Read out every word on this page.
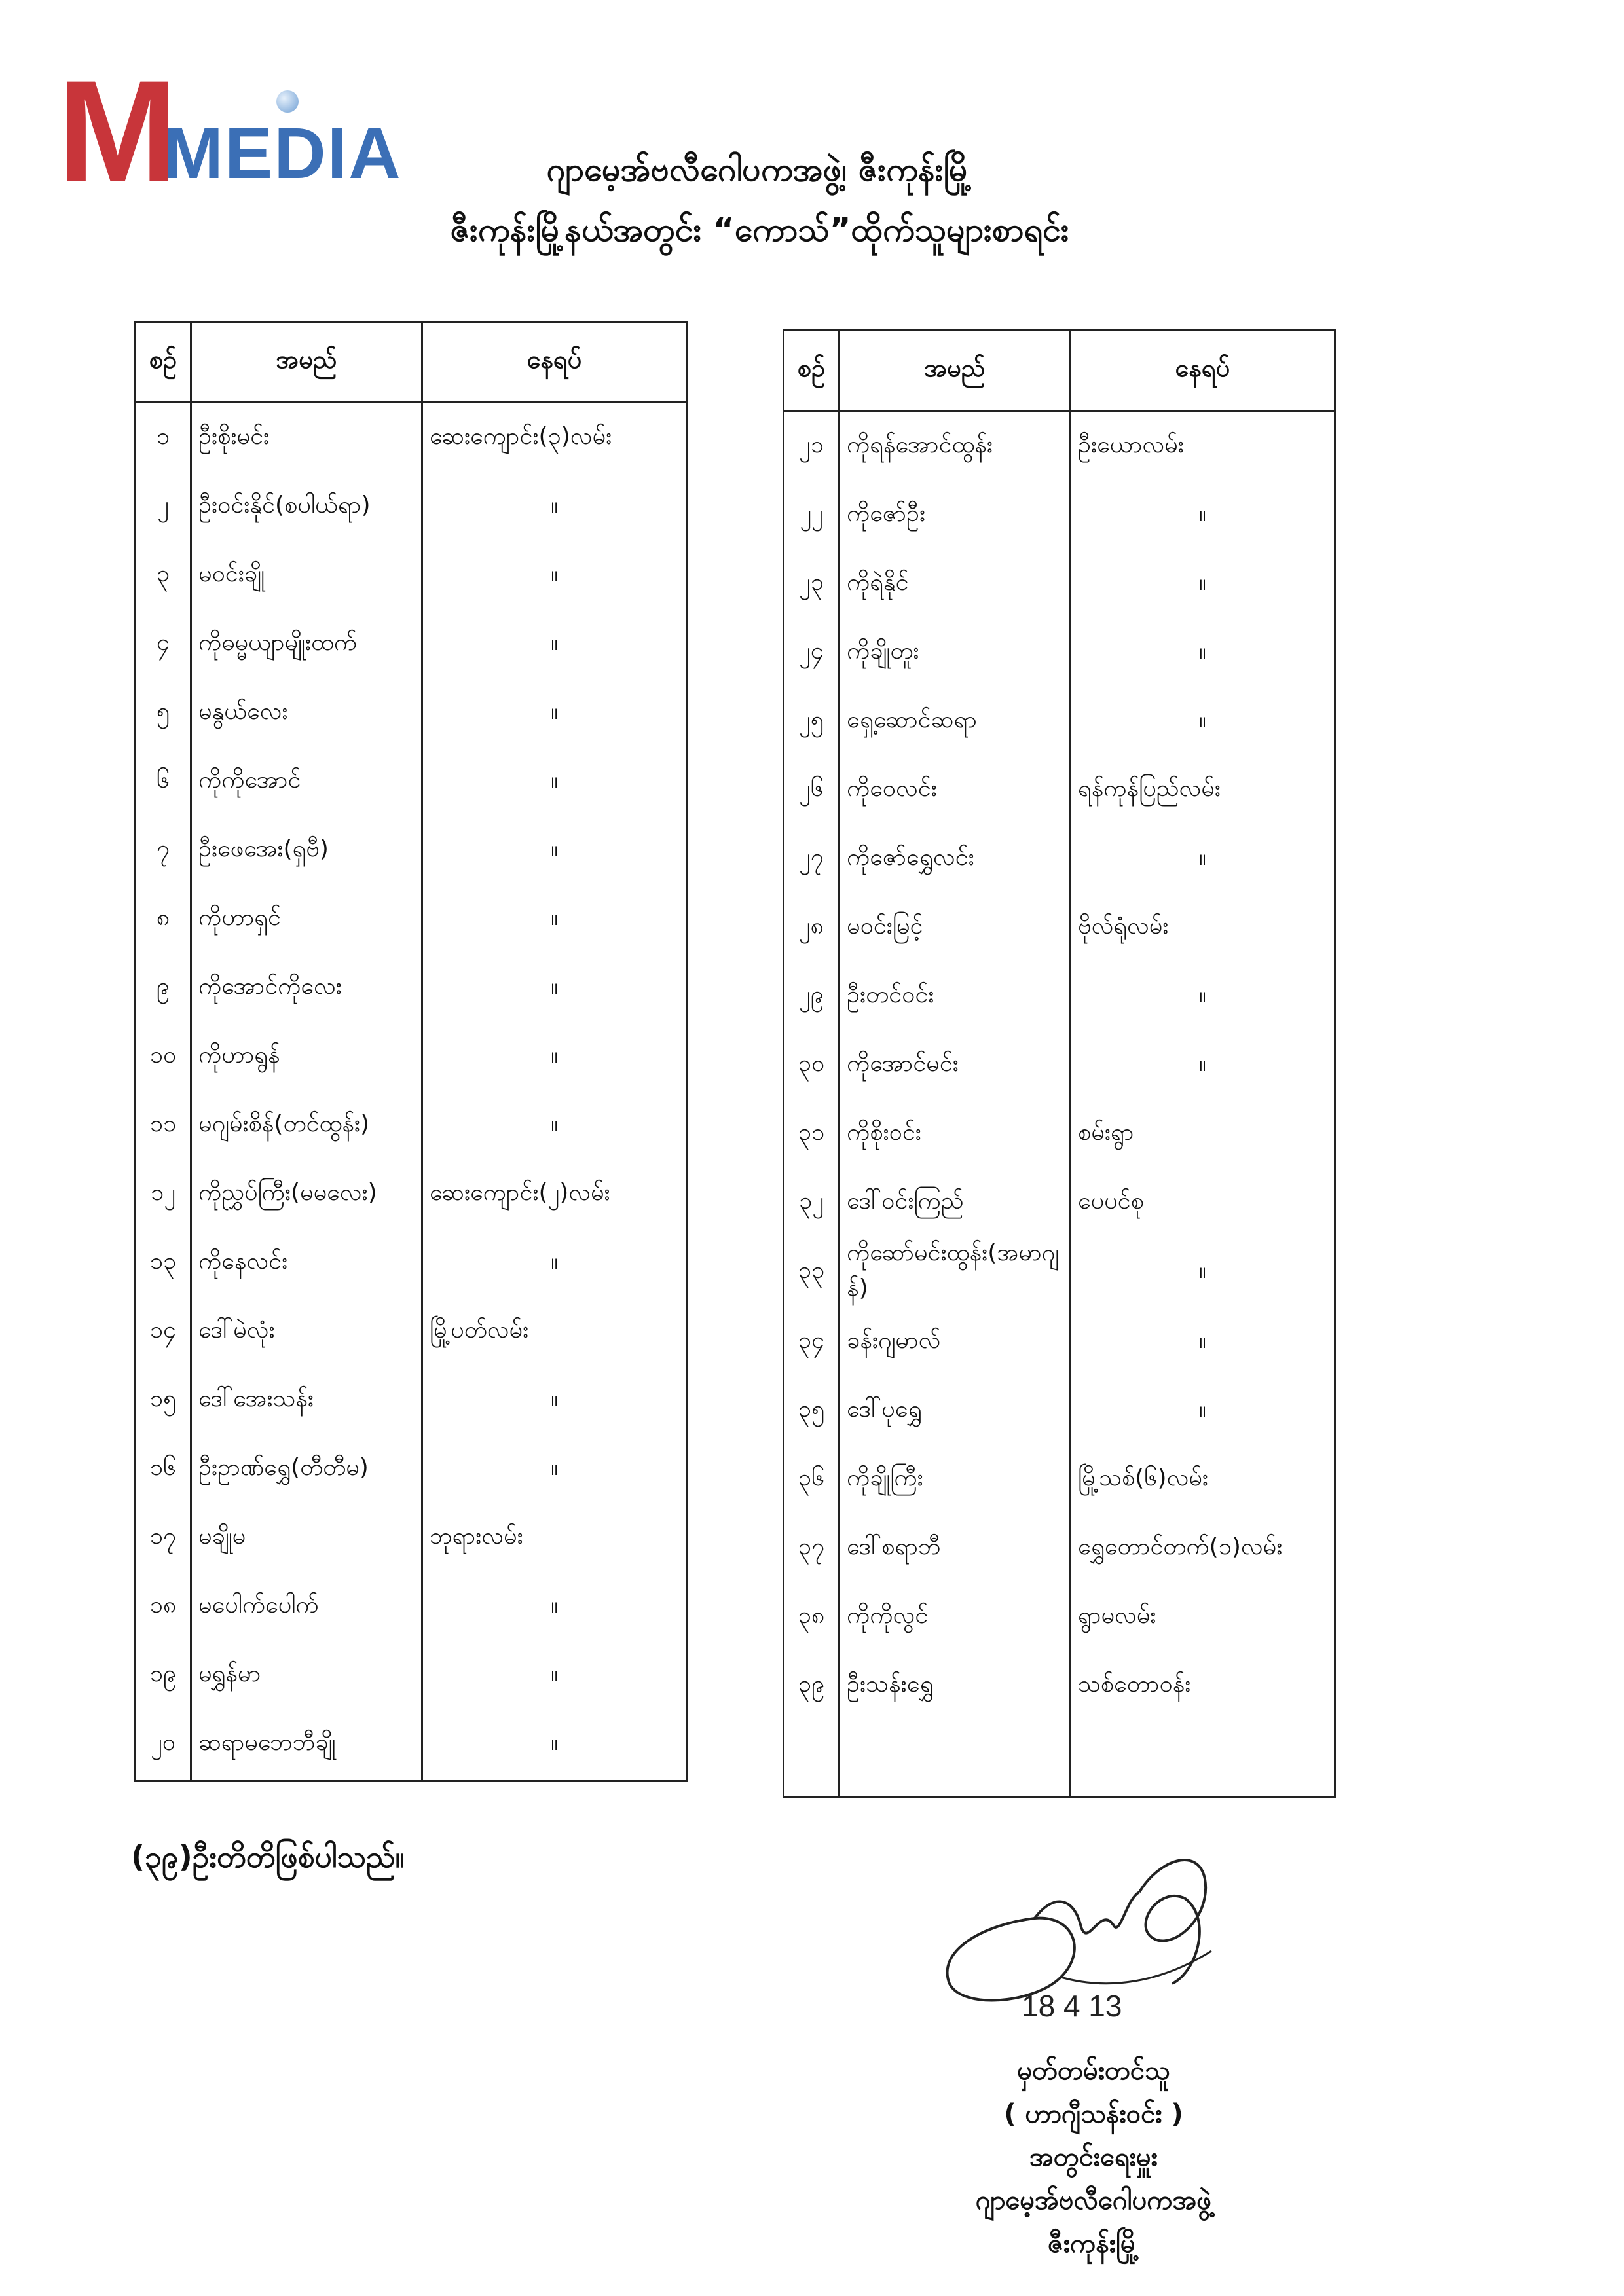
M
MEDIA	ဂျာမေ့အ်ဗလီဂေါပကအဖွဲ့၊ ဇီးကုန်းမြို့
ဇီးကုန်းမြို့နယ်အတွင်း “ကောသ်”ထိုက်သူများစာရင်း
စဉ်	အမည်	နေရပ်
၁	ဦးစိုးမင်း	ဆေးကျောင်း(၃)လမ်း
၂	ဦးဝင်းနိုင်(စပါယ်ရာ)	။
၃	မဝင်းချို	။
၄	ကိုဓမ္မယျာမျိုးထက်	။
၅	မနွယ်လေး	။
၆	ကိုကိုအောင်	။
၇	ဦးဖေအေး(ရှဗီ)	။
၈	ကိုဟာရှင်	။
၉	ကိုအောင်ကိုလေး	။
၁၀	ကိုဟာရွန်	။
၁၁	မဂျမ်းစိန်(တင်ထွန်း)	။
၁၂	ကိုညွှပ်ကြီး(မမလေး)	ဆေးကျောင်း(၂)လမ်း
၁၃	ကိုနေလင်း	။
၁၄	ဒေါ်မဲလုံး	မြို့ပတ်လမ်း
၁၅	ဒေါ်အေးသန်း	။
၁၆	ဦးဥာဏ်ရွှေ(တီတီမ)	။
၁၇	မချိုမ	ဘုရားလမ်း
၁၈	မပေါက်ပေါက်	။
၁၉	မရွှန်မာ	။
၂၀	ဆရာမဘေဘီချို	။

စဉ်	အမည်	နေရပ်
၂၁	ကိုရန်အောင်ထွန်း	ဦးယောလမ်း
၂၂	ကိုဇော်ဦး	။
၂၃	ကိုရဲနိုင်	။
၂၄	ကိုချိုတူး	။
၂၅	ရှေ့ဆောင်ဆရာ	။
၂၆	ကိုဝေလင်း	ရန်ကုန်ပြည်လမ်း
၂၇	ကိုဇော်ရွှေလင်း	။
၂၈	မဝင်းမြင့်	ဗိုလ်ရုံလမ်း
၂၉	ဦးတင်ဝင်း	။
၃၀	ကိုအောင်မင်း	။
၃၁	ကိုစိုးဝင်း	စမ်းရွာ
၃၂	ဒေါ်ဝင်းကြည်	ပေပင်စု
၃၃	ကိုဆော်မင်းထွန်း(အမာဂျန်)	။
၃၄	ခန်းဂျမာလ်	။
၃၅	ဒေါ်ပုရွှေ	။
၃၆	ကိုချိုကြီး	မြို့သစ်(၆)လမ်း
၃၇	ဒေါ်စရာဘီ	ရွှေတောင်တက်(၁)လမ်း
၃၈	ကိုကိုလွင်	ရွာမလမ်း
၃၉	ဦးသန်းရွှေ	သစ်တောဝန်း

(၃၉)ဦးတိတိဖြစ်ပါသည်။
18 4 13
မှတ်တမ်းတင်သူ
( ဟာဂျီသန်းဝင်း )
အတွင်းရေးမှူး
ဂျာမေ့အ်ဗလီဂေါပကအဖွဲ့
ဇီးကုန်းမြို့
